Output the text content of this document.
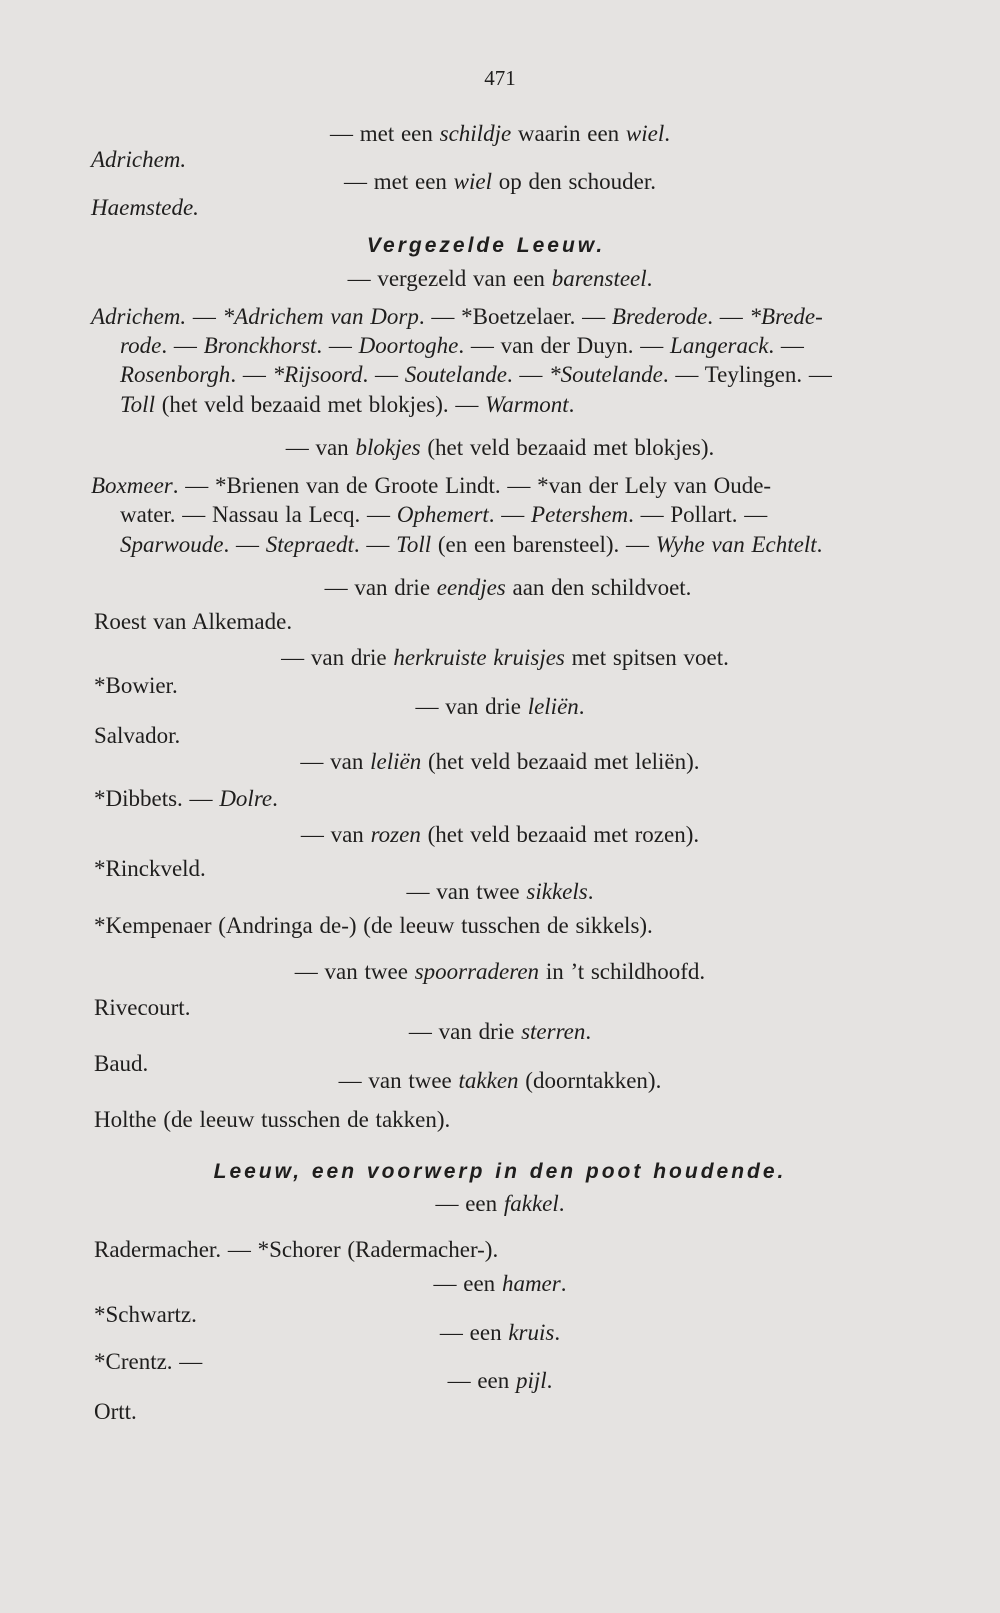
471
— met een schildje waarin een wiel.
Adrichem.
— met een wiel op den schouder.
Haemstede.
Vergezelde Leeuw.
— vergezeld van een barensteel.
Adrichem. — *Adrichem van Dorp. — *Boetzelaer. — Brederode. — *Brede-
rode. — Bronckhorst. — Doortoghe. — van der Duyn. — Langerack. —
Rosenborgh. — *Rijsoord. — Soutelande. — *Soutelande. — Teylingen. —
Toll (het veld bezaaid met blokjes). — Warmont.
— van blokjes (het veld bezaaid met blokjes).
Boxmeer. — *Brienen van de Groote Lindt. — *van der Lely van Oude-
water. — Nassau la Lecq. — Ophemert. — Petershem. — Pollart. —
Sparwoude. — Stepraedt. — Toll (en een barensteel). — Wyhe van Echtelt.
— van drie eendjes aan den schildvoet.
Roest van Alkemade.
— van drie herkruiste kruisjes met spitsen voet.
*Bowier.
— van drie leliën.
Salvador.
— van leliën (het veld bezaaid met leliën).
*Dibbets. — Dolre.
— van rozen (het veld bezaaid met rozen).
*Rinckveld.
— van twee sikkels.
*Kempenaer (Andringa de-) (de leeuw tusschen de sikkels).
— van twee spoorraderen in ’t schildhoofd.
Rivecourt.
— van drie sterren.
Baud.
— van twee takken (doorntakken).
Holthe (de leeuw tusschen de takken).
Leeuw, een voorwerp in den poot houdende.
— een fakkel.
Radermacher. — *Schorer (Radermacher-).
— een hamer.
*Schwartz.
— een kruis.
*Crentz. —
— een pijl.
Ortt.
